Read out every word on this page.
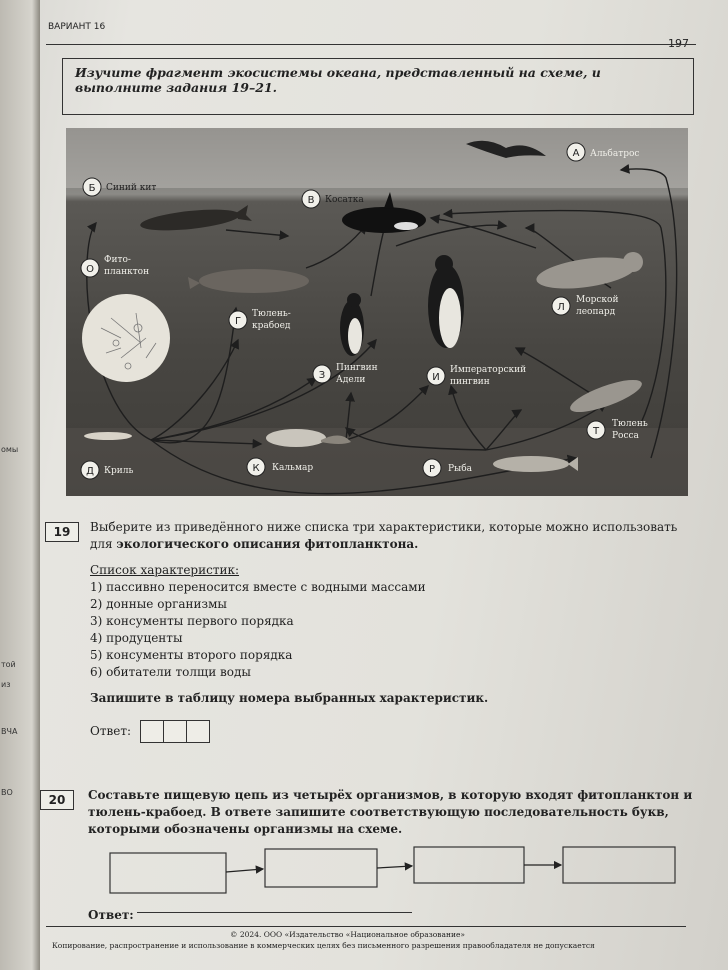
омы
той
из
ВЧА
ВО
ВАРИАНТ 16
197
Изучите фрагмент экосистемы океана, представленный на схеме, и выполните задания 19–21.
А Альбатрос
Б Синий кит
В Косатка
О
Фито-
планктон
Г
Тюлень-
крабоед
З
Пингвин
Адели	И
Императорский
пингвин
Л
Морской
леопард
Т
Тюлень
Росса
Д Криль	К Кальмар	Р Рыба
19	Выберите из приведённого ниже списка три характеристики, которые можно использовать для экологического описания фитопланктона.
Список характеристик:
1) пассивно переносится вместе с водными массами
2) донные организмы
3) консументы первого порядка
4) продуценты
5) консументы второго порядка
6) обитатели толщи воды
Запишите в таблицу номера выбранных характеристик.
Ответ:
20	Составьте пищевую цепь из четырёх организмов, в которую входят фитопланктон и тюлень-крабоед. В ответе запишите соответствующую последовательность букв, которыми обозначены организмы на схеме.
Ответ:
© 2024. ООО «Издательство «Национальное образование»
Копирование, распространение и использование в коммерческих целях без письменного разрешения правообладателя не допускается
